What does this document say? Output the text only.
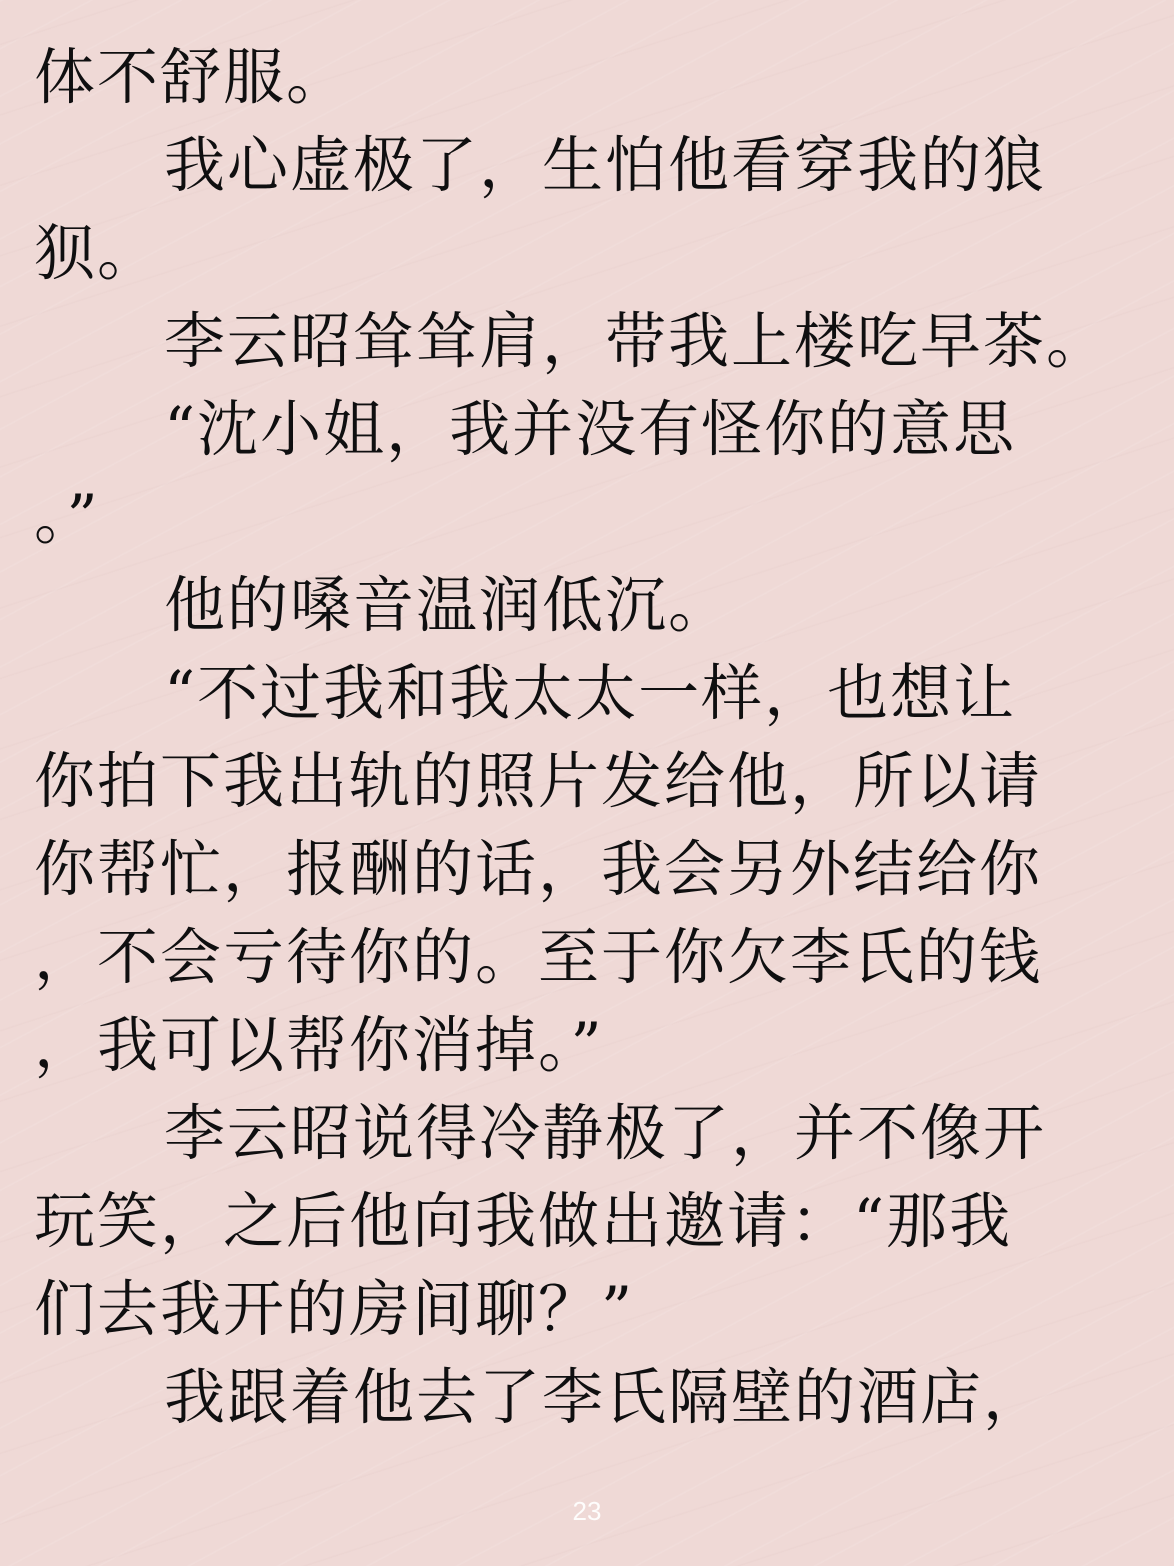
体不舒服。
我心虚极了，生怕他看穿我的狼
狈。
李云昭耸耸肩，带我上楼吃早茶。
“沈小姐，我并没有怪你的意思
。”
他的嗓音温润低沉。
“不过我和我太太一样，也想让
你拍下我出轨的照片发给他，所以请
你帮忙，报酬的话，我会另外结给你
，不会亏待你的。至于你欠李氏的钱
，我可以帮你消掉。”
李云昭说得冷静极了，并不像开
玩笑，之后他向我做出邀请：“那我
们去我开的房间聊？”
我跟着他去了李氏隔壁的酒店，
23
